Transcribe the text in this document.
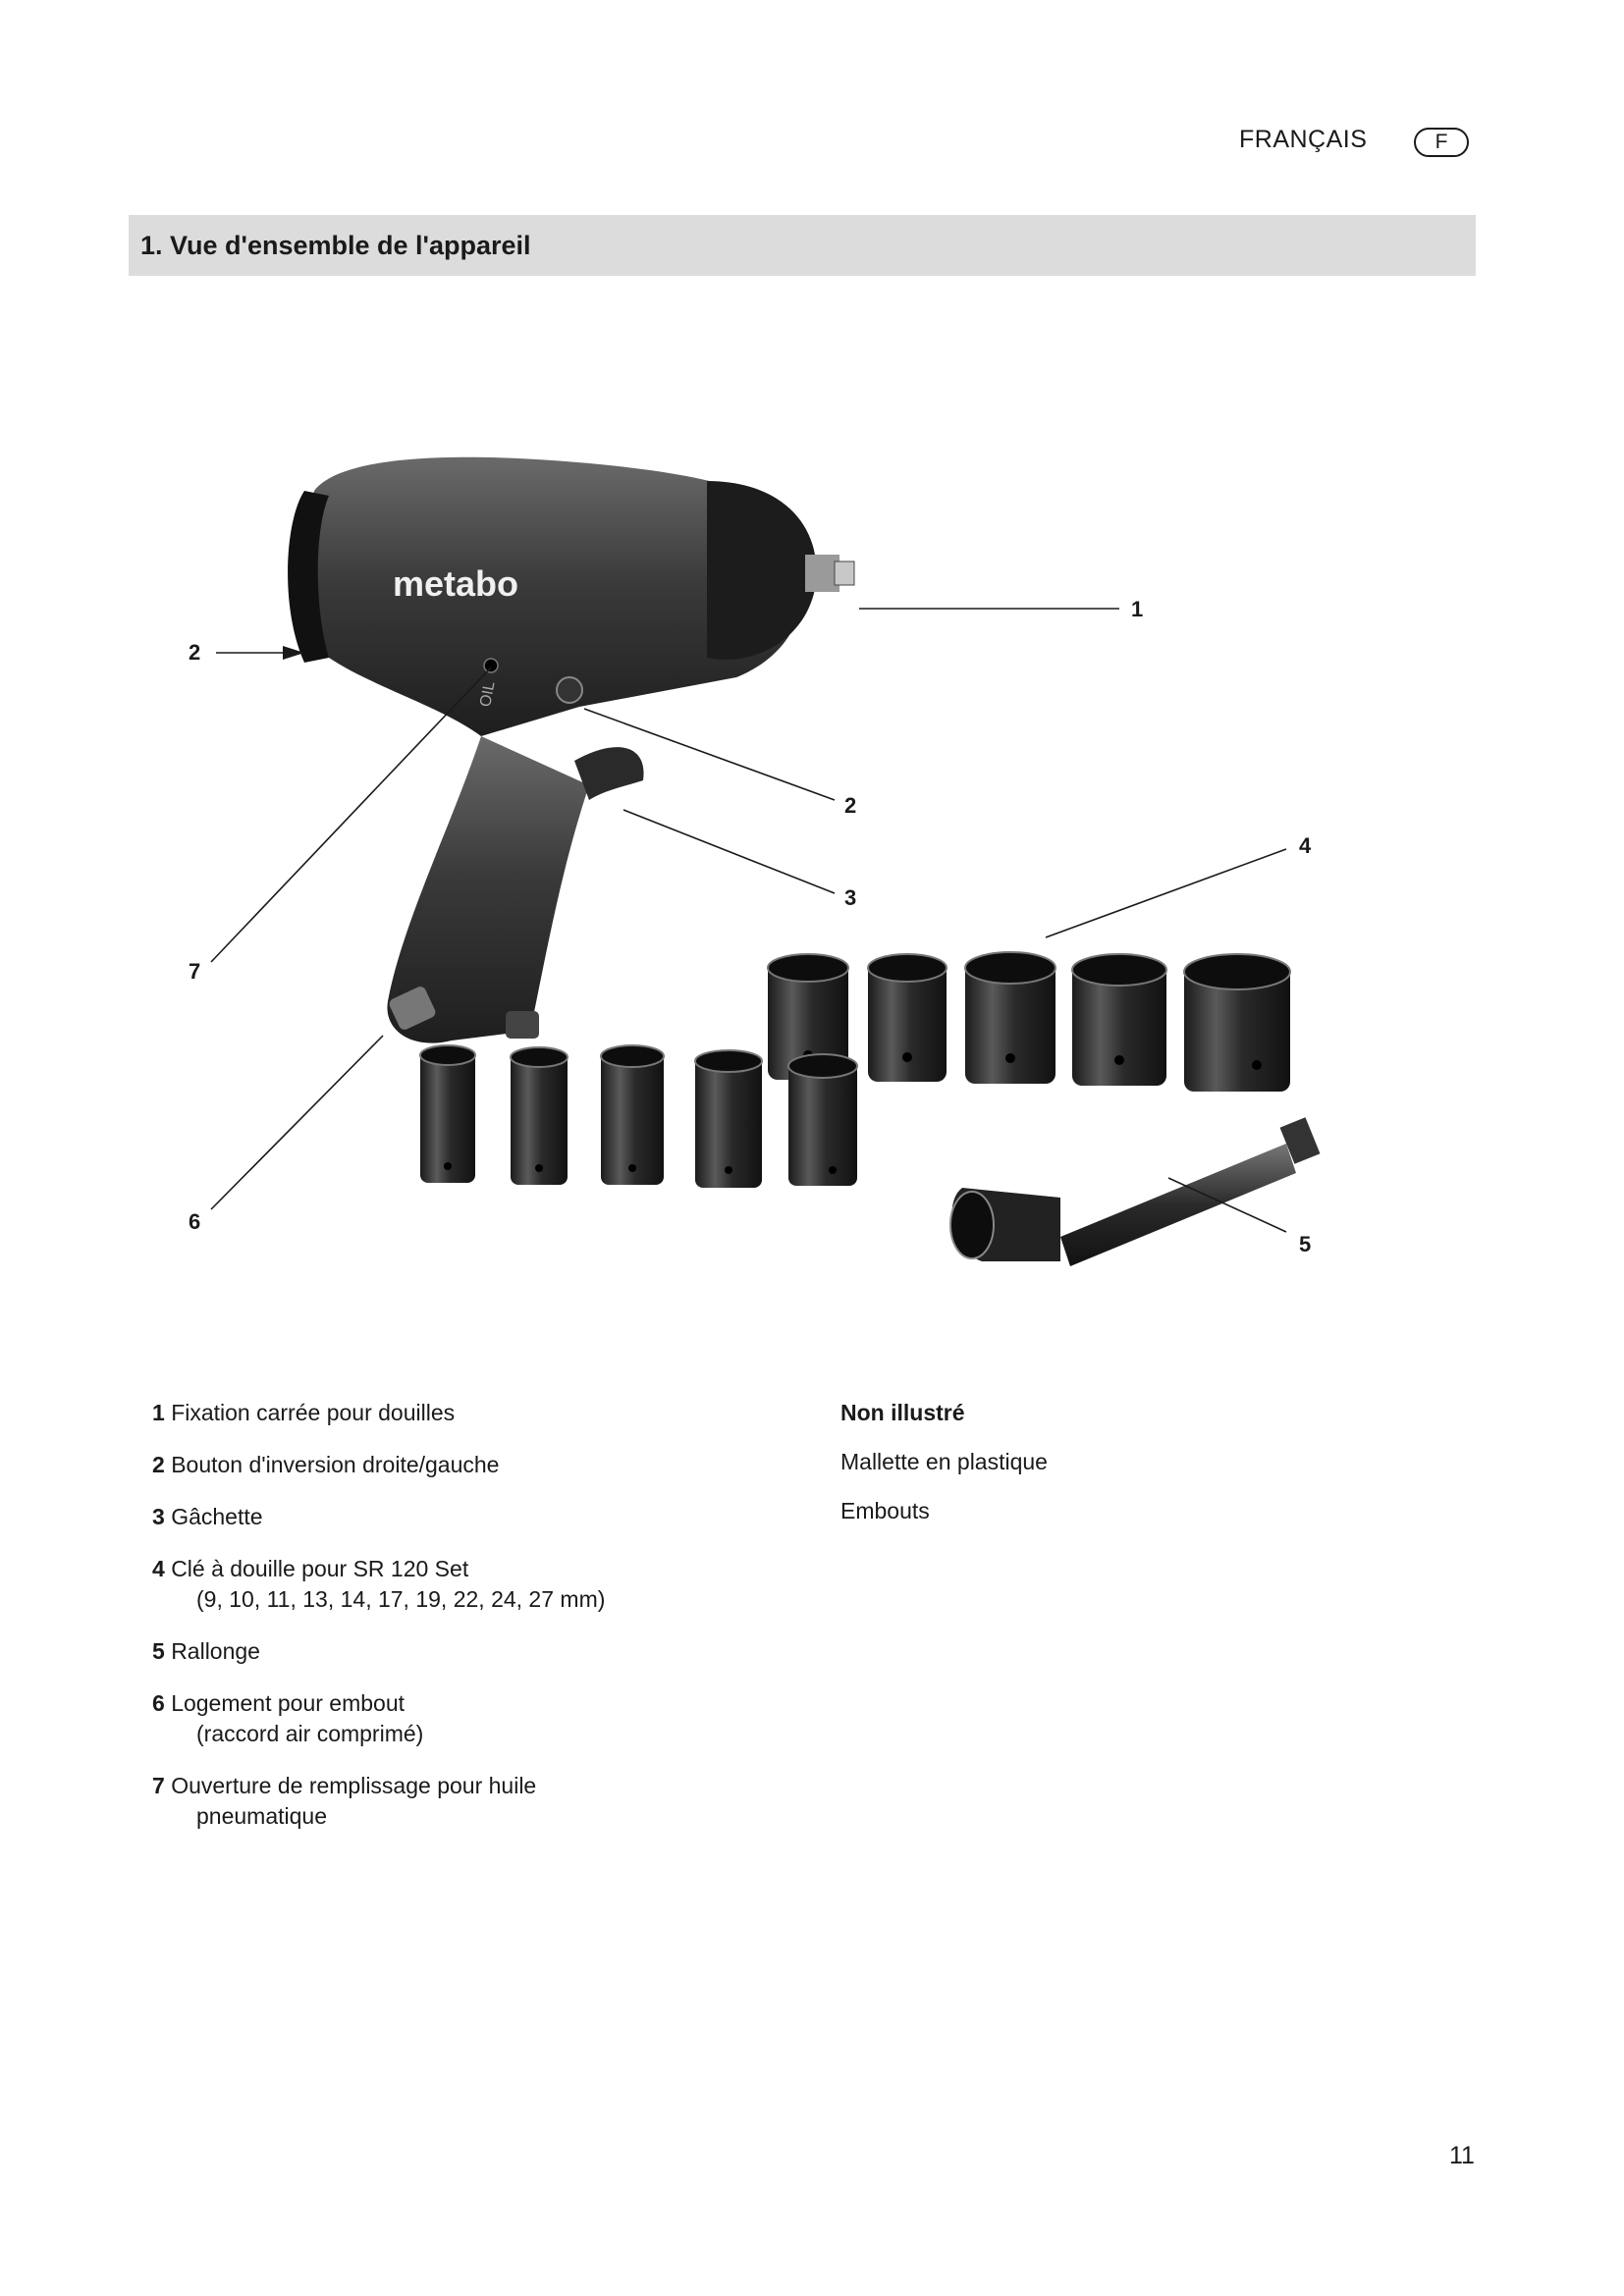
FRANÇAIS	F
1. Vue d'ensemble de l'appareil
metabo
OIL
1
2
2
3
4
5
6
7
1 Fixation carrée pour douilles
2 Bouton d'inversion droite/gauche
3 Gâchette
4 Clé à douille pour SR 120 Set
(9, 10, 11, 13, 14, 17, 19, 22, 24, 27 mm)
5 Rallonge
6 Logement pour embout
(raccord air comprimé)
7 Ouverture de remplissage pour huile
pneumatique
Non illustré
Mallette en plastique
Embouts
11
